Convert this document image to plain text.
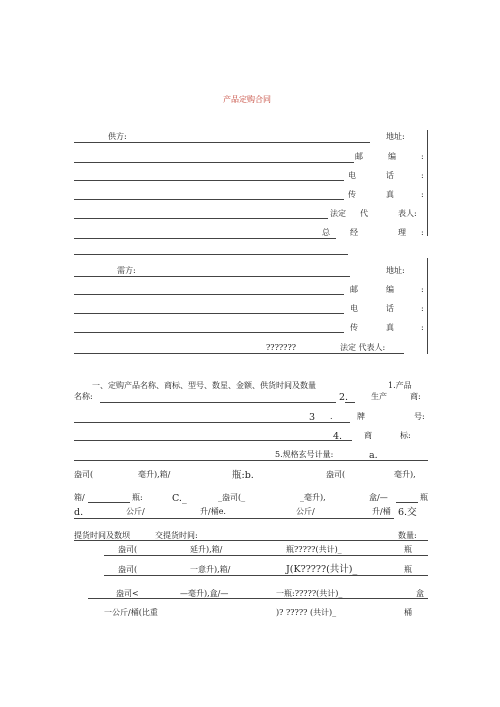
产品定购合同
供方:	地址:
邮	编	:
电	话	:
传	真	:
法定 代	表人:
总	经	理 :
需方:	地址:
邮	编	:
电	话	:
传	真	:
???????	法定 代表人:
一、定购产品名称、商标、型号、数星、金额、供货时间及数量	1.产品
名称:	2.	生产	商:
3 .	牌	号:
4.	商	标:
5.规格玄号计量:	a.
盎司(	毫升),箱/	瓶:b.	盎司(	毫升),
箱/	瓶:	C._	_盎司(_	_毫升),	盒/—	瓶
d.	公斤/	升/桶e.	公斤/	升/桶 6.交
提货时间及数坝	交提货时间:	数量:
盎司(	延升),箱/	瓶?????(共计)_	瓶
盎司(	一意升),箱/	J(K?????(共计)_	瓶
盎司<	—毫升),盒/—	一瓶:?????(共计)_	盒
一公斤/桶(比重	)? ????? (共计)_	桶
